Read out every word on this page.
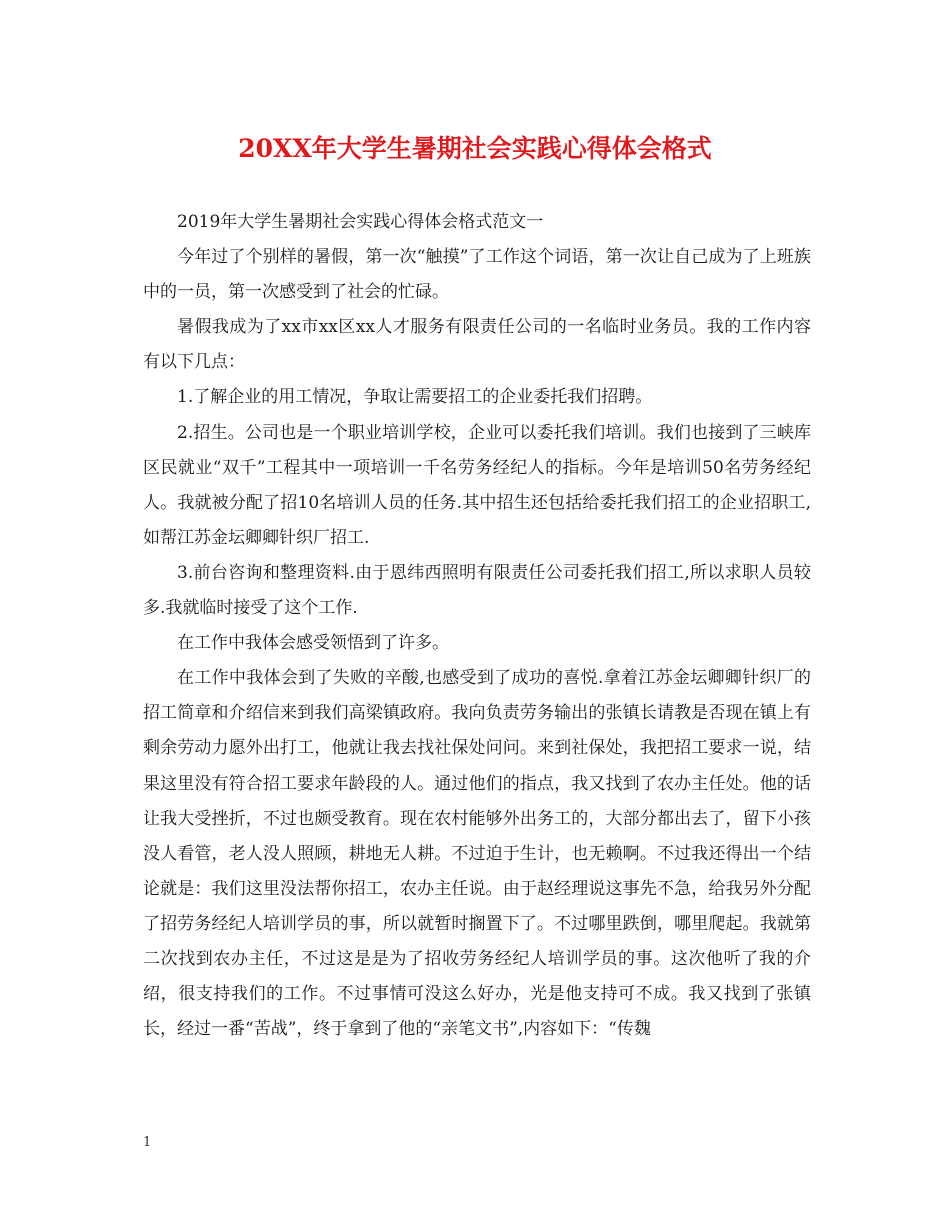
20XX年大学生暑期社会实践心得体会格式

2019年大学生暑期社会实践心得体会格式范文一

今年过了个别样的暑假，第一次“触摸”了工作这个词语，第一次让自己成为了上班族中的一员，第一次感受到了社会的忙碌。

暑假我成为了xx市xx区xx人才服务有限责任公司的一名临时业务员。我的工作内容有以下几点：

1.了解企业的用工情况，争取让需要招工的企业委托我们招聘。

2.招生。公司也是一个职业培训学校，企业可以委托我们培训。我们也接到了三峡库区民就业“双千”工程其中一项培训一千名劳务经纪人的指标。今年是培训50名劳务经纪人。我就被分配了招10名培训人员的任务.其中招生还包括给委托我们招工的企业招职工,如帮江苏金坛卿卿针织厂招工.

3.前台咨询和整理资料.由于恩纬西照明有限责任公司委托我们招工,所以求职人员较多.我就临时接受了这个工作.

在工作中我体会感受领悟到了许多。

在工作中我体会到了失败的辛酸,也感受到了成功的喜悦.拿着江苏金坛卿卿针织厂的招工简章和介绍信来到我们高梁镇政府。我向负责劳务输出的张镇长请教是否现在镇上有剩余劳动力愿外出打工，他就让我去找社保处问问。来到社保处，我把招工要求一说，结果这里没有符合招工要求年龄段的人。通过他们的指点，我又找到了农办主任处。他的话让我大受挫折，不过也颇受教育。现在农村能够外出务工的，大部分都出去了，留下小孩没人看管，老人没人照顾，耕地无人耕。不过迫于生计，也无赖啊。不过我还得出一个结论就是：我们这里没法帮你招工，农办主任说。由于赵经理说这事先不急，给我另外分配了招劳务经纪人培训学员的事，所以就暂时搁置下了。不过哪里跌倒，哪里爬起。我就第二次找到农办主任，不过这是是为了招收劳务经纪人培训学员的事。这次他听了我的介绍，很支持我们的工作。不过事情可没这么好办，光是他支持可不成。我又找到了张镇长，经过一番“苦战”，终于拿到了他的“亲笔文书”,内容如下：“传魏

1
